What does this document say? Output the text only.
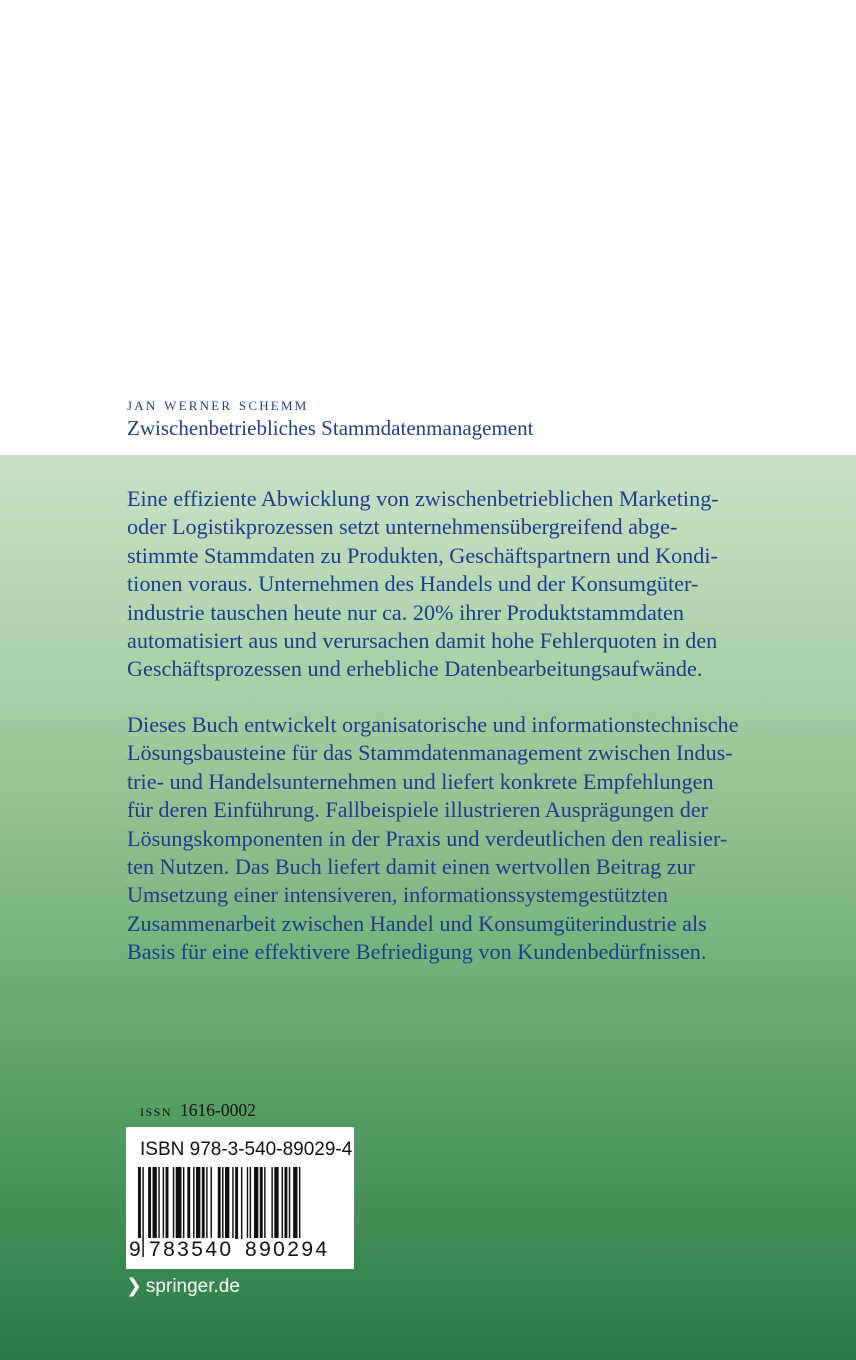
jan werner schemm
Zwischenbetriebliches Stammdatenmanagement

Eine effiziente Abwicklung von zwischenbetrieblichen Marketing-
oder Logistikprozessen setzt unternehmensübergreifend abge-
stimmte Stammdaten zu Produkten, Geschäftspartnern und Kondi-
tionen voraus. Unternehmen des Handels und der Konsumgüter-
industrie tauschen heute nur ca. 20% ihrer Produktstammdaten
automatisiert aus und verursachen damit hohe Fehlerquoten in den
Geschäftsprozessen und erhebliche Datenbearbeitungsaufwände.

Dieses Buch entwickelt organisatorische und informationstechnische
Lösungsbausteine für das Stammdatenmanagement zwischen Indus-
trie- und Handelsunternehmen und liefert konkrete Empfehlungen
für deren Einführung. Fallbeispiele illustrieren Ausprägungen der
Lösungskomponenten in der Praxis und verdeutlichen den realisier-
ten Nutzen. Das Buch liefert damit einen wertvollen Beitrag zur
Umsetzung einer intensiveren, informationssystemgestützten
Zusammenarbeit zwischen Handel und Konsumgüterindustrie als
Basis für eine effektivere Befriedigung von Kundenbedürfnissen.

issn 1616-0002
ISBN 978-3-540-89029-4
9 783540 890294
❯ springer.de
